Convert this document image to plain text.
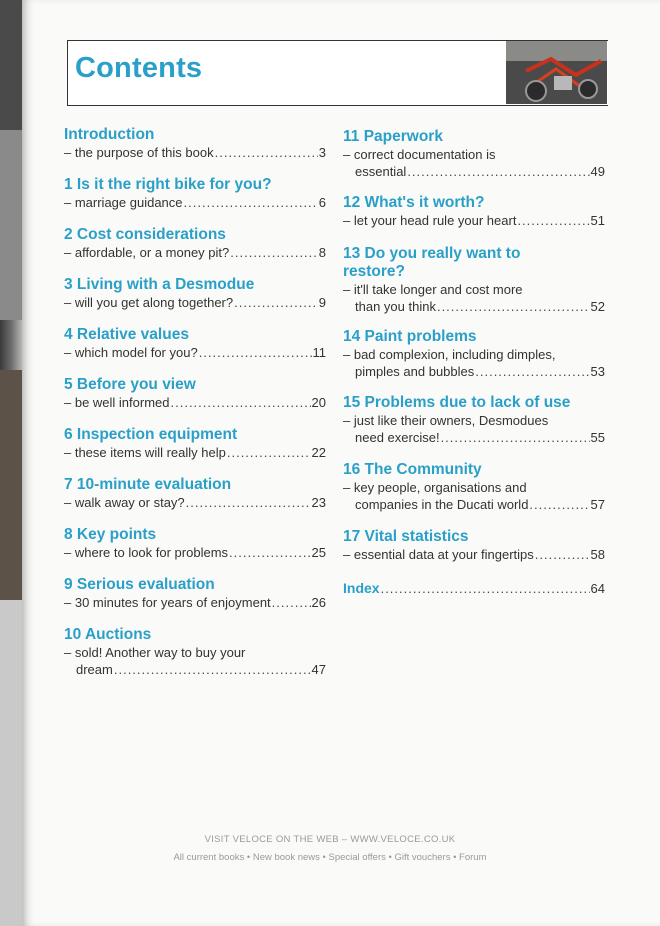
Contents
Introduction
– the purpose of this book .....	3
1 Is it the right bike for you?
– marriage guidance .....	6
2 Cost considerations
– affordable, or a money pit? .....	8
3 Living with a Desmodue
– will you get along together? .....	9
4 Relative values
– which model for you? .....	11
5 Before you view
– be well informed .....	20
6 Inspection equipment
– these items will really help .....	22
7 10-minute evaluation
– walk away or stay? .....	23
8 Key points
– where to look for problems .....	25
9 Serious evaluation
– 30 minutes for years of enjoyment .....	26
10 Auctions
– sold! Another way to buy your
dream .....	47
11 Paperwork
– correct documentation is
essential .....	49
12 What's it worth?
– let your head rule your heart .....	51
13 Do you really want to
restore?
– it'll take longer and cost more
than you think .....	52
14 Paint problems
– bad complexion, including dimples,
pimples and bubbles .....	53
15 Problems due to lack of use
– just like their owners, Desmodues
need exercise! .....	55
16 The Community
– key people, organisations and
companies in the Ducati world .....	57
17 Vital statistics
– essential data at your fingertips .....	58
Index .....	64
VISIT VELOCE ON THE WEB – WWW.VELOCE.CO.UK
All current books • New book news • Special offers • Gift vouchers • Forum
